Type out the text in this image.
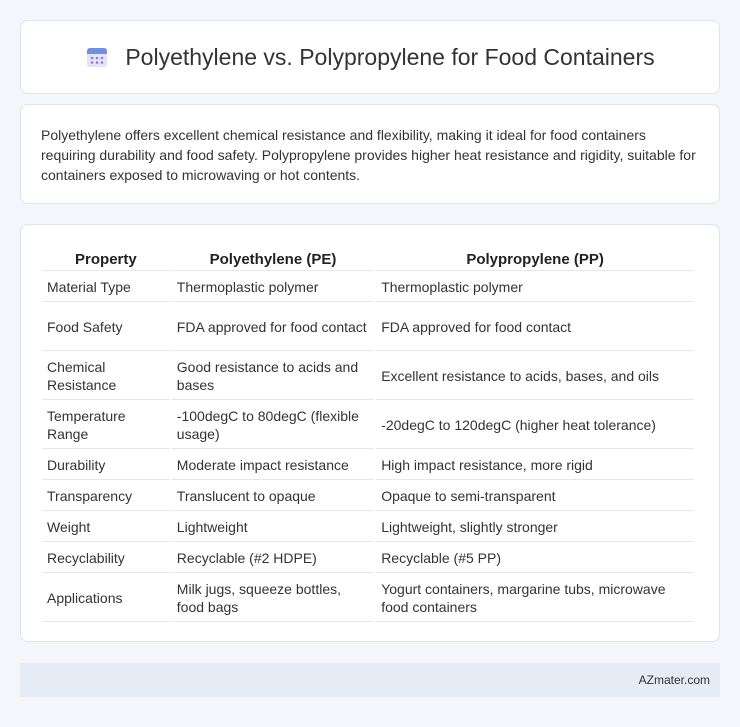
Polyethylene vs. Polypropylene for Food Containers

Polyethylene offers excellent chemical resistance and flexibility, making it ideal for food containers requiring durability and food safety. Polypropylene provides higher heat resistance and rigidity, suitable for containers exposed to microwaving or hot contents.

Property	Polyethylene (PE)	Polypropylene (PP)
Material Type	Thermoplastic polymer	Thermoplastic polymer
Food Safety	FDA approved for food contact	FDA approved for food contact
Chemical Resistance	Good resistance to acids and bases	Excellent resistance to acids, bases, and oils
Temperature Range	-100degC to 80degC (flexible usage)	-20degC to 120degC (higher heat tolerance)
Durability	Moderate impact resistance	High impact resistance, more rigid
Transparency	Translucent to opaque	Opaque to semi-transparent
Weight	Lightweight	Lightweight, slightly stronger
Recyclability	Recyclable (#2 HDPE)	Recyclable (#5 PP)
Applications	Milk jugs, squeeze bottles, food bags	Yogurt containers, margarine tubs, microwave food containers
AZmater.com
